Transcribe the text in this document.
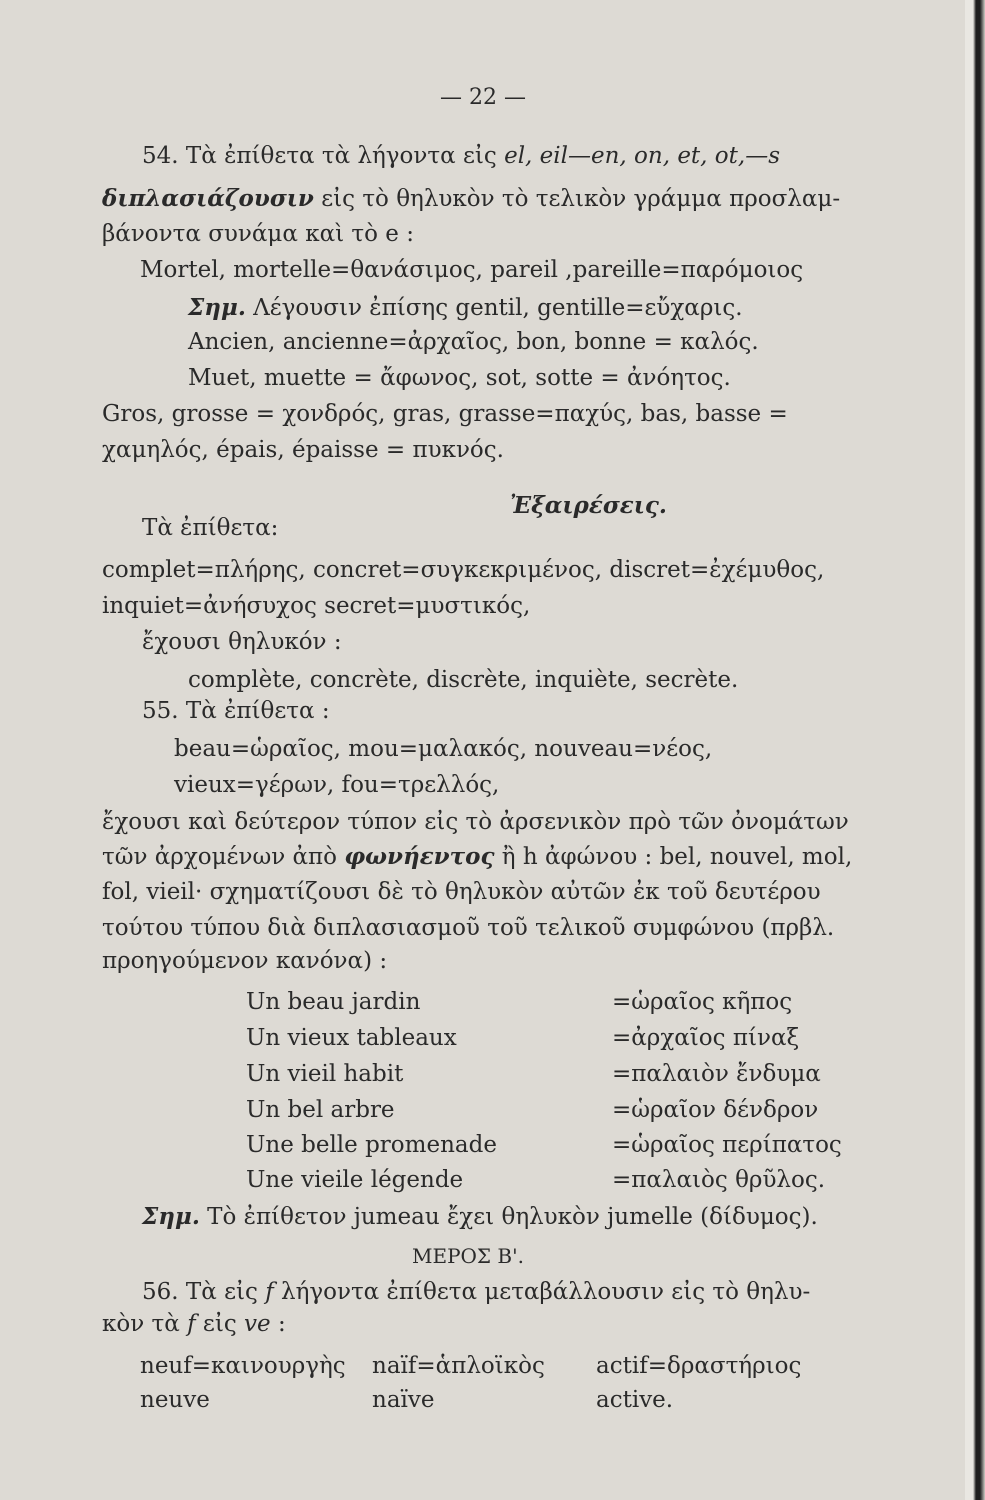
— 22 —
54. Τὰ ἐπίθετα τὰ λήγοντα εἰς el, eil—en, on, et, ot,—s
διπλασιάζουσιν εἰς τὸ θηλυκὸν τὸ τελικὸν γράμμα προσλαμ-
βάνοντα συνάμα καὶ τὸ e :
Mortel, mortelle=θανάσιμος, pareil ,pareille=παρόμοιος
Σημ. Λέγουσιν ἐπίσης gentil, gentille=εὔχαρις.
Ancien, ancienne=ἀρχαῖος, bon, bonne = καλός.
Muet, muette = ἄφωνος, sot, sotte = ἀνόητος.
Gros, grosse = χονδρός, gras, grasse=παχύς, bas, basse =
χαμηλός, épais, épaisse = πυκνός.
Ἐξαιρέσεις.
Τὰ ἐπίθετα:
complet=πλήρης, concret=συγκεκριμένος, discret=ἐχέμυθος,
inquiet=ἀνήσυχος secret=μυστικός,
ἔχουσι θηλυκόν :
complète, concrète, discrète, inquiète, secrète.
55. Τὰ ἐπίθετα :
beau=ὡραῖος, mou=μαλακός, nouveau=νέος,
vieux=γέρων, fou=τρελλός,
ἔχουσι καὶ δεύτερον τύπον εἰς τὸ ἀρσενικὸν πρὸ τῶν ὀνομάτων
τῶν ἀρχομένων ἀπὸ φωνήεντος ἢ h ἀφώνου : bel, nouvel, mol,
fol, vieil· σχηματίζουσι δὲ τὸ θηλυκὸν αὐτῶν ἐκ τοῦ δευτέρου
τούτου τύπου διὰ διπλασιασμοῦ τοῦ τελικοῦ συμφώνου (πρβλ.
προηγούμενον κανόνα) :
Un beau jardin	=ὡραῖος κῆπος
Un vieux tableaux	=ἀρχαῖος πίναξ
Un vieil habit	=παλαιὸν ἔνδυμα
Un bel arbre	=ὡραῖον δένδρον
Une belle promenade	=ὡραῖος περίπατος
Une vieile légende	=παλαιὸς θρῦλος.
Σημ. Τὸ ἐπίθετον jumeau ἔχει θηλυκὸν jumelle (δίδυμος).
ΜΕΡΟΣ Β'.
56. Τὰ εἰς f λήγοντα ἐπίθετα μεταβάλλουσιν εἰς τὸ θηλυ-
κὸν τὰ f εἰς ve :
neuf=καινουργὴς naïf=ἁπλοϊκὸς actif=δραστήριος
neuve	naïve	active.
